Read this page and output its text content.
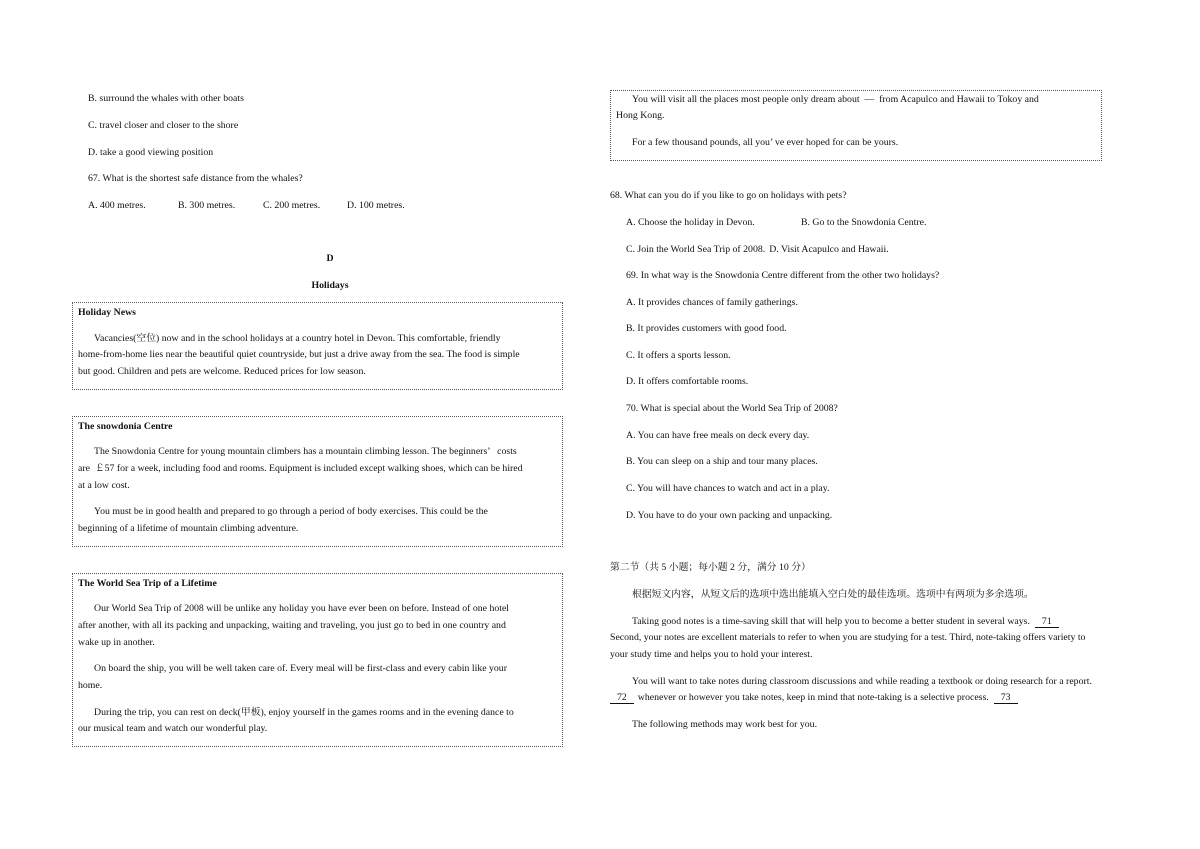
B. surround the whales with other boats
C. travel closer and closer to the shore
D. take a good viewing position
67. What is the shortest safe distance from the whales?
A. 400 metres.	B. 300 metres.	C. 200 metres.	D. 100 metres.
D
Holidays
Holiday News
Vacancies(空位) now and in the school holidays at a country hotel in Devon. This comfortable, friendly
home-from-home lies near the beautiful quiet countryside, but just a drive away from the sea. The food is simple
but good. Children and pets are welcome. Reduced prices for low season.
The snowdonia Centre
The Snowdonia Centre for young mountain climbers has a mountain climbing lesson. The beginners’   costs
are  ￡57 for a week, including food and rooms. Equipment is included except walking shoes, which can be hired
at a low cost.
You must be in good health and prepared to go through a period of body exercises. This could be the
beginning of a lifetime of mountain climbing adventure.
The World Sea Trip of a Lifetime
Our World Sea Trip of 2008 will be unlike any holiday you have ever been on before. Instead of one hotel
after another, with all its packing and unpacking, waiting and traveling, you just go to bed in one country and
wake up in another.
On board the ship, you will be well taken care of. Every meal will be first-class and every cabin like your
home.
During the trip, you can rest on deck(甲板), enjoy yourself in the games rooms and in the evening dance to
our musical team and watch our wonderful play.
You will visit all the places most people only dream about  —  from Acapulco and Hawaii to Tokoy and
Hong Kong.
For a few thousand pounds, all you’ ve ever hoped for can be yours.
68. What can you do if you like to go on holidays with pets?
A. Choose the holiday in Devon.	B. Go to the Snowdonia Centre.
C. Join the World Sea Trip of 2008. D. Visit Acapulco and Hawaii.
69. In what way is the Snowdonia Centre different from the other two holidays?
A. It provides chances of family gatherings.
B. It provides customers with good food.
C. It offers a sports lesson.
D. It offers comfortable rooms.
70. What is special about the World Sea Trip of 2008?
A. You can have free meals on deck every day.
B. You can sleep on a ship and tour many places.
C. You will have chances to watch and act in a play.
D. You have to do your own packing and unpacking.
第二节（共 5 小题；每小题 2 分，满分 10 分）
根据短文内容，从短文后的选项中选出能填入空白处的最佳选项。选项中有两项为多余选项。
Taking good notes is a time-saving skill that will help you to become a better student in several ways. 71
Second, your notes are excellent materials to refer to when you are studying for a test. Third, note-taking offers variety to
your study time and helps you to hold your interest.
You will want to take notes during classroom discussions and while reading a textbook or doing research for a report.
72 whenever or however you take notes, keep in mind that note-taking is a selective process. 73
The following methods may work best for you.
